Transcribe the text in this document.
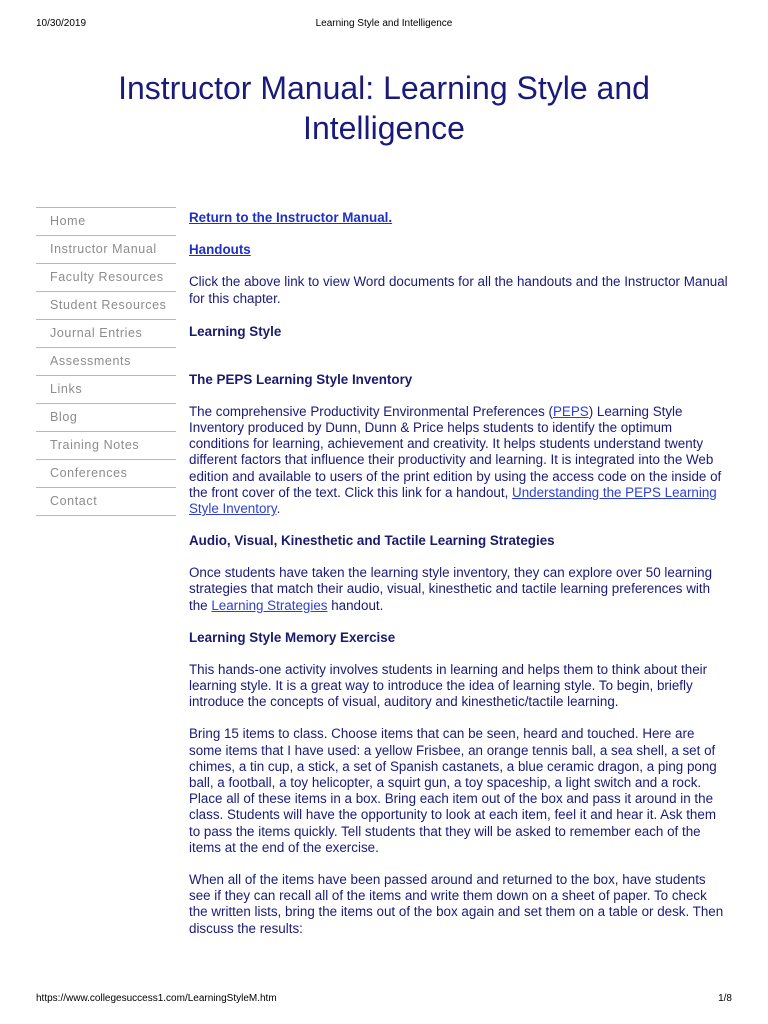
10/30/2019	Learning Style and Intelligence
Instructor Manual: Learning Style and Intelligence
Home
Instructor Manual
Faculty Resources
Student Resources
Journal Entries
Assessments
Links
Blog
Training Notes
Conferences
Contact

Return to the Instructor Manual.

Handouts

Click the above link to view Word documents for all the handouts and the Instructor Manual for this chapter.

Learning Style
The PEPS Learning Style Inventory

The comprehensive Productivity Environmental Preferences (PEPS) Learning Style Inventory produced by Dunn, Dunn & Price helps students to identify the optimum conditions for learning, achievement and creativity. It helps students understand twenty different factors that influence their productivity and learning. It is integrated into the Web edition and available to users of the print edition by using the access code on the inside of the front cover of the text. Click this link for a handout, Understanding the PEPS Learning Style Inventory.

Audio, Visual, Kinesthetic and Tactile Learning Strategies

Once students have taken the learning style inventory, they can explore over 50 learning strategies that match their audio, visual, kinesthetic and tactile learning preferences with the Learning Strategies handout.

Learning Style Memory Exercise

This hands-one activity involves students in learning and helps them to think about their learning style. It is a great way to introduce the idea of learning style. To begin, briefly introduce the concepts of visual, auditory and kinesthetic/tactile learning.

Bring 15 items to class. Choose items that can be seen, heard and touched. Here are some items that I have used: a yellow Frisbee, an orange tennis ball, a sea shell, a set of chimes, a tin cup, a stick, a set of Spanish castanets, a blue ceramic dragon, a ping pong ball, a football, a toy helicopter, a squirt gun, a toy spaceship, a light switch and a rock. Place all of these items in a box. Bring each item out of the box and pass it around in the class. Students will have the opportunity to look at each item, feel it and hear it. Ask them to pass the items quickly. Tell students that they will be asked to remember each of the items at the end of the exercise.

When all of the items have been passed around and returned to the box, have students see if they can recall all of the items and write them down on a sheet of paper. To check the written lists, bring the items out of the box again and set them on a table or desk. Then discuss the results:

https://www.collegesuccess1.com/LearningStyleM.htm	1/8
